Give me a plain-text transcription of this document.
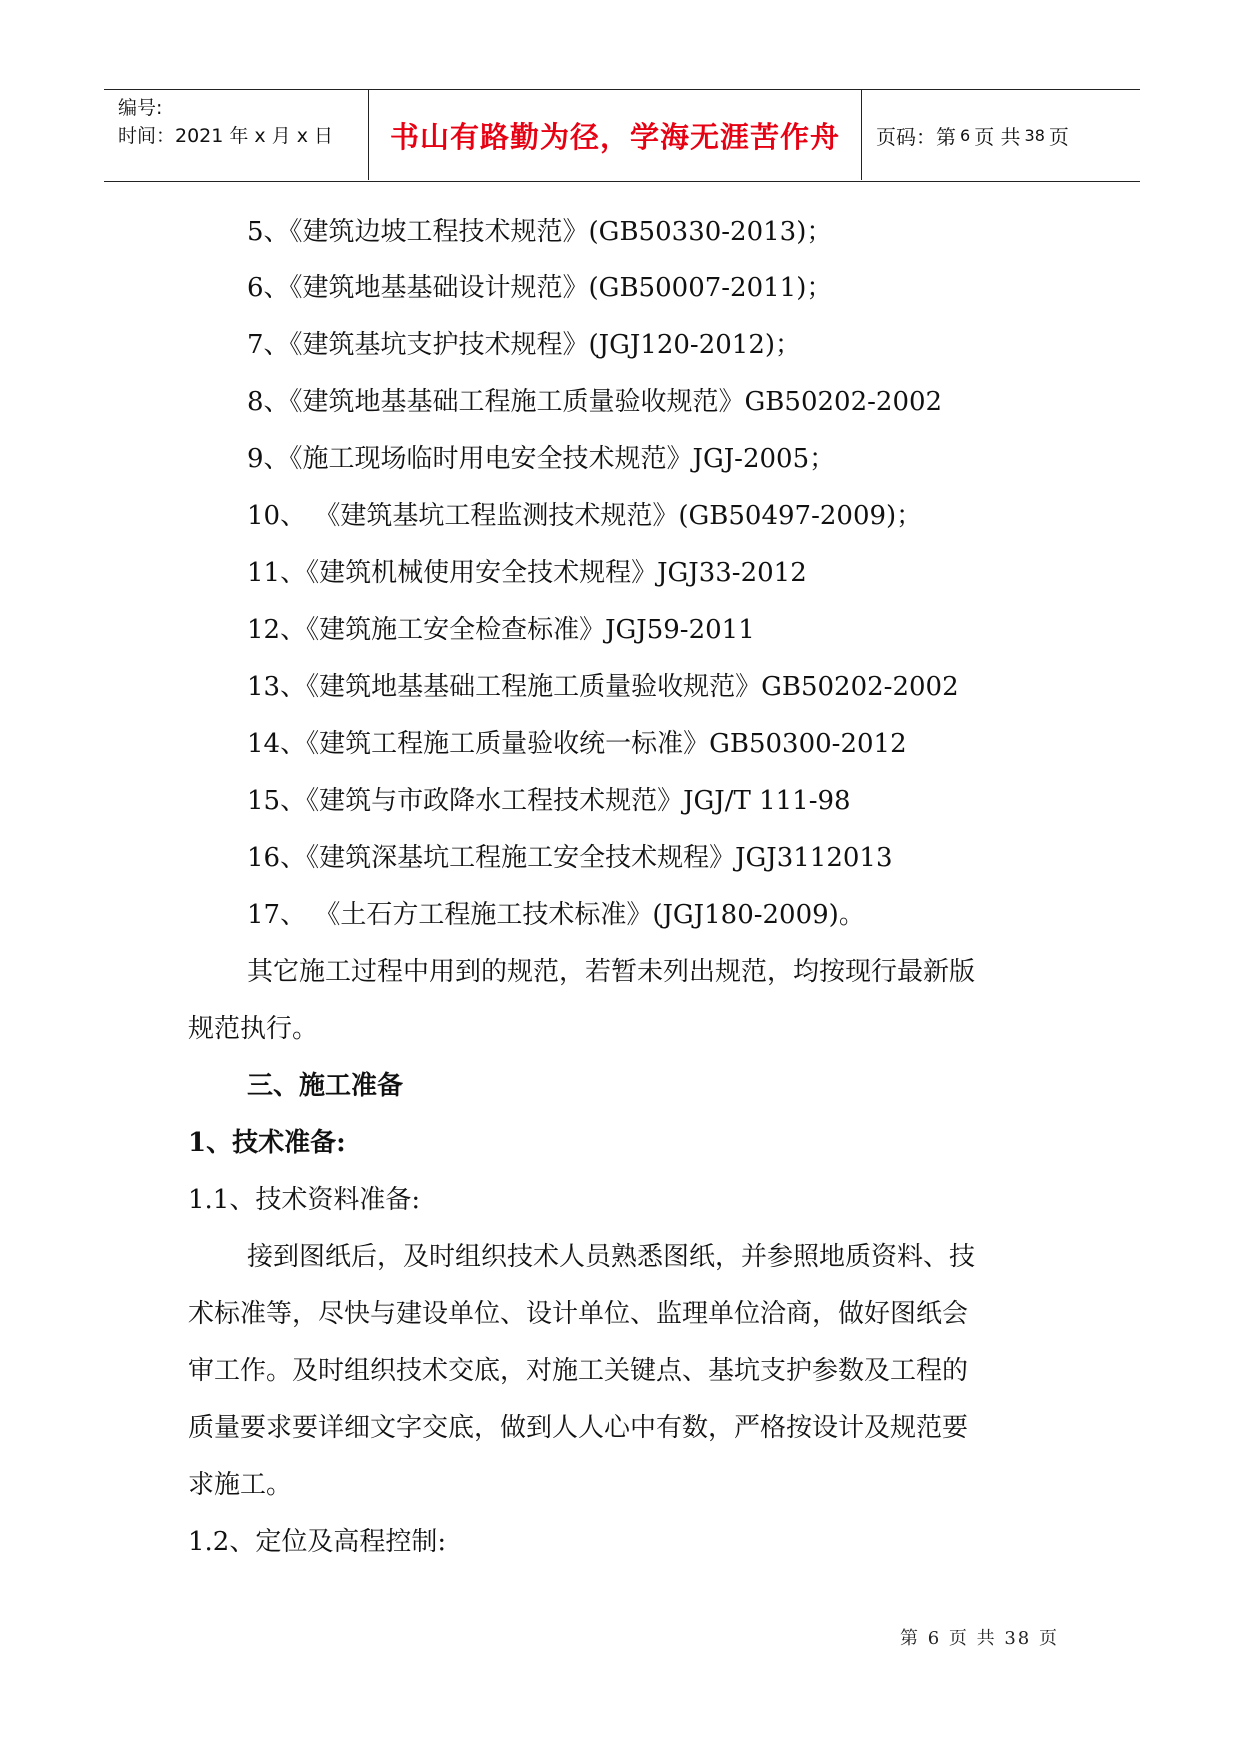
编号:
时间：2021 年 x 月 x 日 书山有路勤为径，学海无涯苦作舟 页码：第 6 页 共 38 页
5、《建筑边坡工程技术规范》(GB50330-2013)；
6、《建筑地基基础设计规范》(GB50007-2011)；
7、《建筑基坑支护技术规程》(JGJ120-2012)；
8、《建筑地基基础工程施工质量验收规范》GB50202-2002
9、《施工现场临时用电安全技术规范》JGJ-2005；
10、 《建筑基坑工程监测技术规范》(GB50497-2009)；
11、《建筑机械使用安全技术规程》JGJ33-2012
12、《建筑施工安全检查标准》JGJ59-2011
13、《建筑地基基础工程施工质量验收规范》GB50202-2002
14、《建筑工程施工质量验收统一标准》GB50300-2012
15、《建筑与市政降水工程技术规范》JGJ/T 111-98
16、《建筑深基坑工程施工安全技术规程》JGJ3112013
17、 《土石方工程施工技术标准》(JGJ180-2009)。
其它施工过程中用到的规范，若暂未列出规范，均按现行最新版
规范执行。
三、施工准备
1、技术准备:
1.1、技术资料准备:
接到图纸后，及时组织技术人员熟悉图纸，并参照地质资料、技
术标准等，尽快与建设单位、设计单位、监理单位洽商，做好图纸会
审工作。及时组织技术交底，对施工关键点、基坑支护参数及工程的
质量要求要详细文字交底，做到人人心中有数，严格按设计及规范要
求施工。
1.2、定位及高程控制:
第 6 页 共 38 页
